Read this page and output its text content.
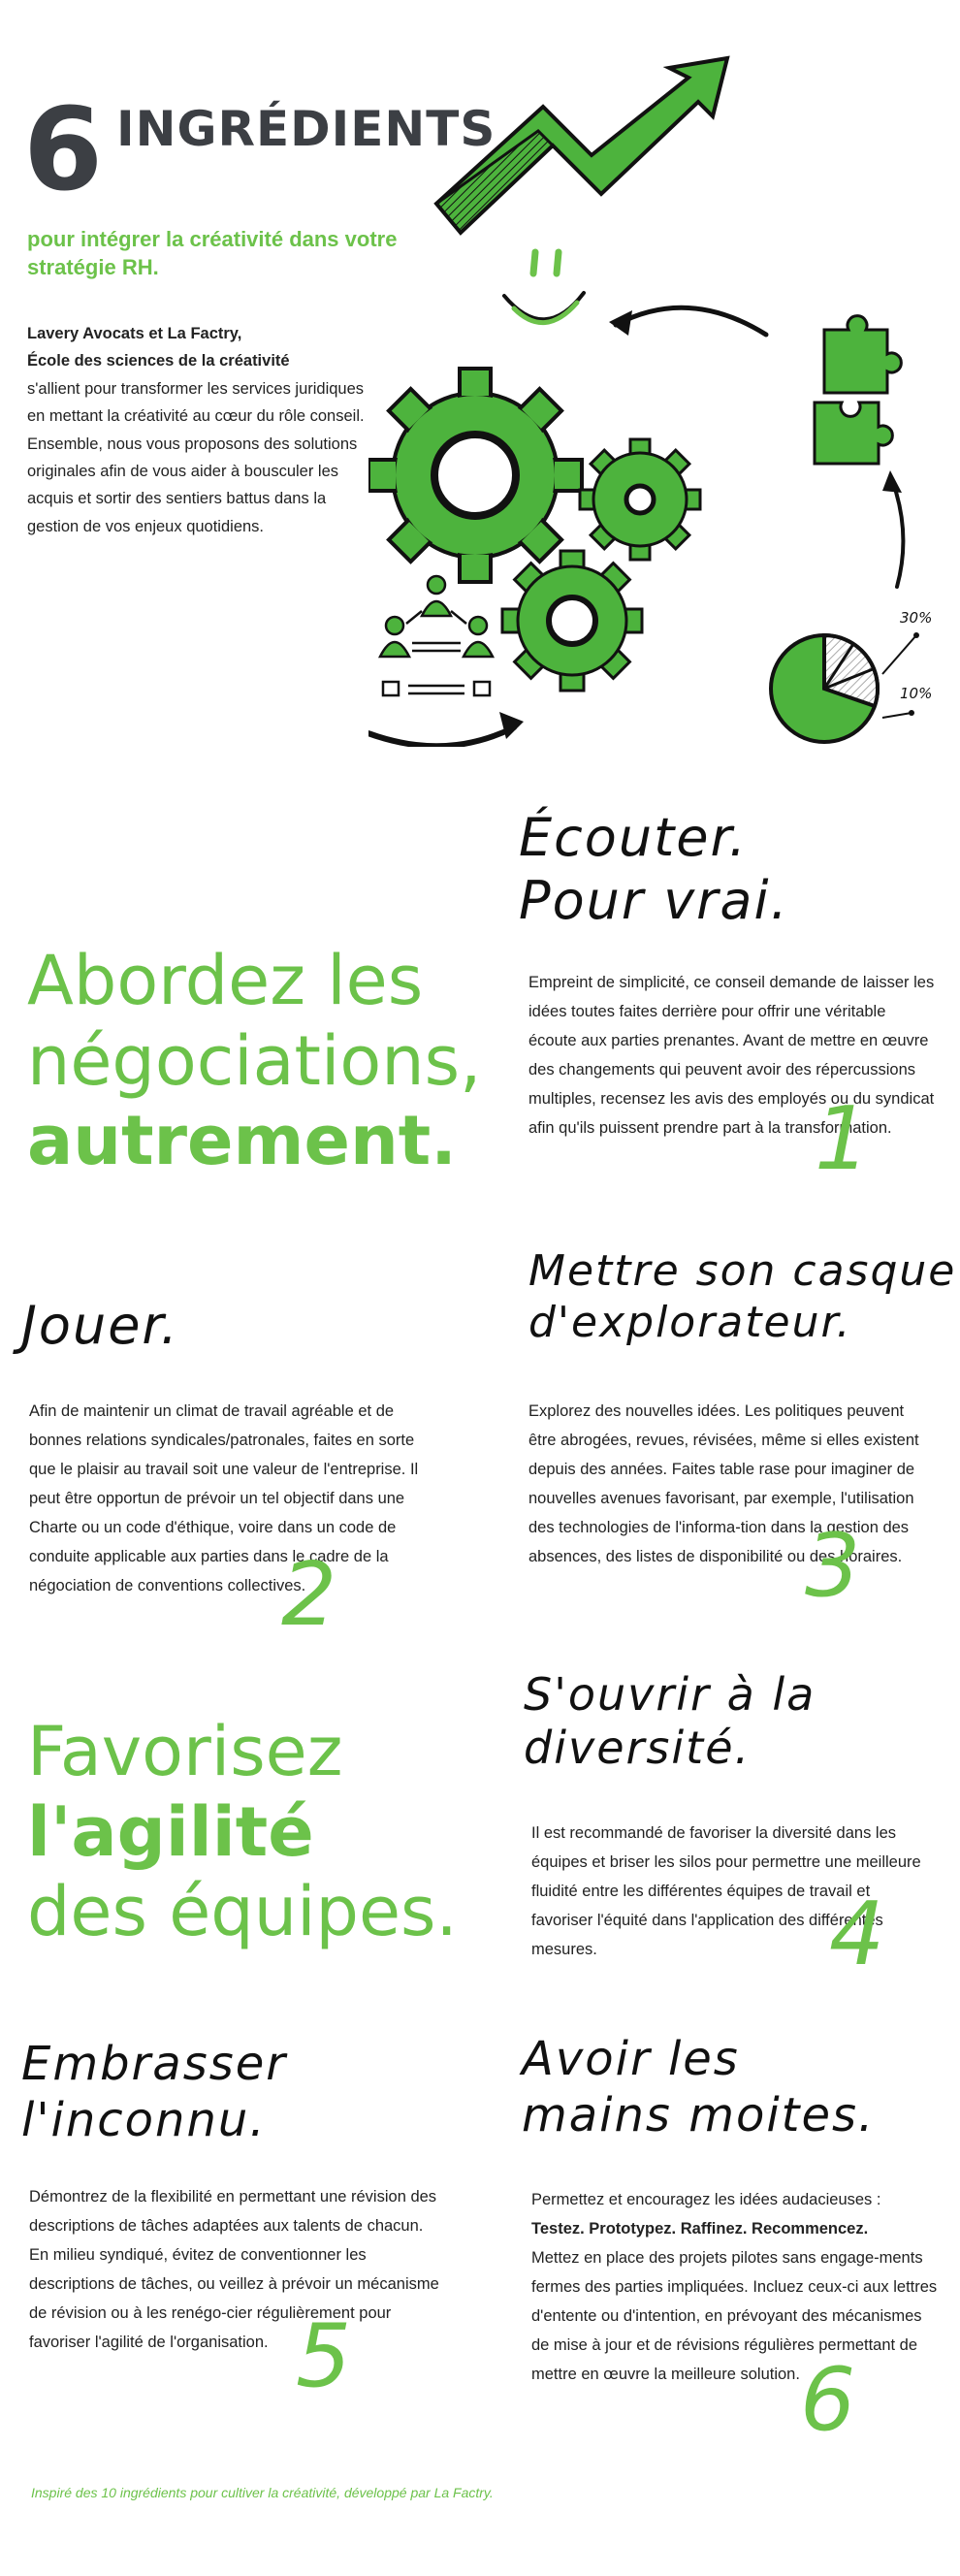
6 INGRÉDIENTS
pour intégrer la créativité dans votre stratégie RH.
Lavery Avocats et La Factry,
École des sciences de la créativité
s'allient pour transformer les services juridiques en mettant la créativité au cœur du rôle conseil. Ensemble, nous vous proposons des solutions originales afin de vous aider à bousculer les acquis et sortir des sentiers battus dans la gestion de vos enjeux quotidiens.
30%
10%
Abordez les
négociations,
autrement.
Écouter.
Pour vrai.
Empreint de simplicité, ce conseil demande de laisser les idées toutes faites derrière pour offrir une véritable écoute aux parties prenantes. Avant de mettre en œuvre des changements qui peuvent avoir des répercussions multiples, recensez les avis des employés ou du syndicat afin qu'ils puissent prendre part à la transformation.
1
Jouer.
Afin de maintenir un climat de travail agréable et de bonnes relations syndicales/patronales, faites en sorte que le plaisir au travail soit une valeur de l'entreprise. Il peut être opportun de prévoir un tel objectif dans une Charte ou un code d'éthique, voire dans un code de conduite applicable aux parties dans le cadre de la négociation de conventions collectives.
2
Mettre son casque
d'explorateur.
Explorez des nouvelles idées. Les politiques peuvent être abrogées, revues, révisées, même si elles existent depuis des années. Faites table rase pour imaginer de nouvelles avenues favorisant, par exemple, l'utilisation des technologies de l'informa-tion dans la gestion des absences, des listes de disponibilité ou des horaires.
3
Favorisez
l'agilité
des équipes.
S'ouvrir à la
diversité.
Il est recommandé de favoriser la diversité dans les équipes et briser les silos pour permettre une meilleure fluidité entre les différentes équipes de travail et favoriser l'équité dans l'application des différentes mesures.	4
Embrasser
l'inconnu.
Démontrez de la flexibilité en permettant une révision des descriptions de tâches adaptées aux talents de chacun. En milieu syndiqué, évitez de conventionner les descriptions de tâches, ou veillez à prévoir un mécanisme de révision ou à les renégo-cier régulièrement pour favoriser l'agilité de l'organisation. 5
Avoir les
mains moites.
Permettez et encouragez les idées audacieuses :
Testez. Prototypez. Raffinez. Recommencez.
Mettez en place des projets pilotes sans engage-ments fermes des parties impliquées. Incluez ceux-ci aux lettres d'entente ou d'intention, en prévoyant des mécanismes de mise à jour et de révisions régulières permettant de mettre en œuvre la meilleure solution. 6
Inspiré des 10 ingrédients pour cultiver la créativité, développé par La Factry.
